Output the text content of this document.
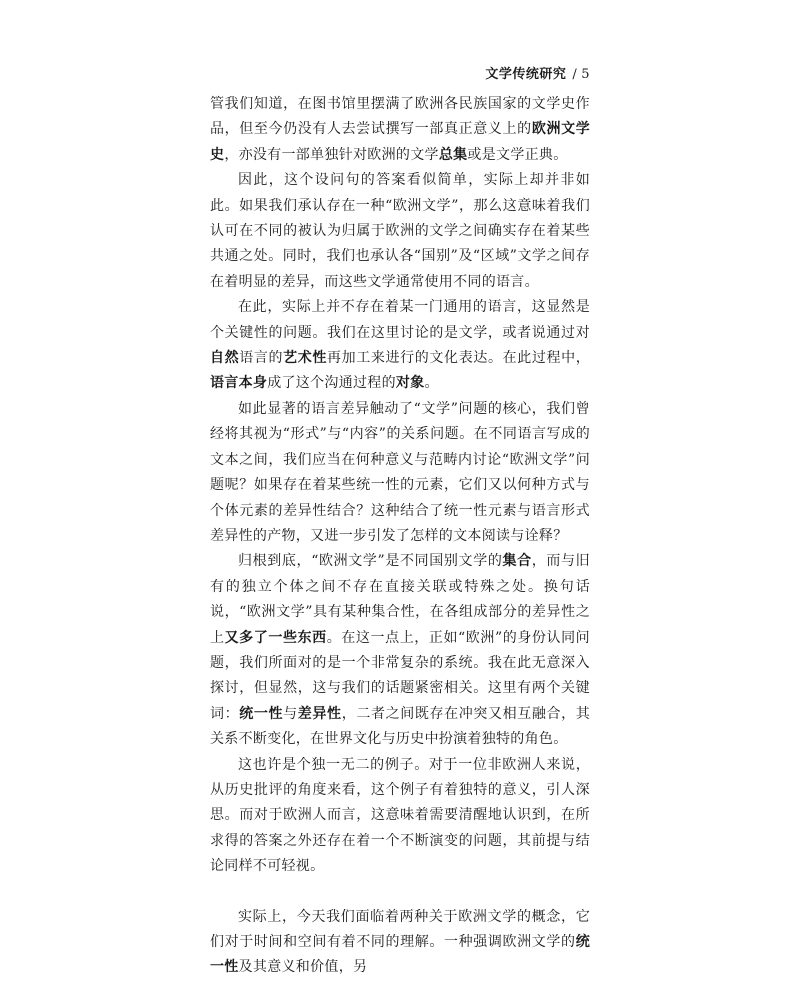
文学传统研究 / 5

管我们知道，在图书馆里摆满了欧洲各民族国家的文学史作品，但至今仍没有人去尝试撰写一部真正意义上的欧洲文学史，亦没有一部单独针对欧洲的文学总集或是文学正典。

因此，这个设问句的答案看似简单，实际上却并非如此。如果我们承认存在一种“欧洲文学”，那么这意味着我们认可在不同的被认为归属于欧洲的文学之间确实存在着某些共通之处。同时，我们也承认各“国别”及“区域”文学之间存在着明显的差异，而这些文学通常使用不同的语言。

在此，实际上并不存在着某一门通用的语言，这显然是个关键性的问题。我们在这里讨论的是文学，或者说通过对自然语言的艺术性再加工来进行的文化表达。在此过程中，语言本身成了这个沟通过程的对象。

如此显著的语言差异触动了“文学”问题的核心，我们曾经将其视为“形式”与“内容”的关系问题。在不同语言写成的文本之间，我们应当在何种意义与范畴内讨论“欧洲文学”问题呢？如果存在着某些统一性的元素，它们又以何种方式与个体元素的差异性结合？这种结合了统一性元素与语言形式差异性的产物，又进一步引发了怎样的文本阅读与诠释？

归根到底，“欧洲文学”是不同国别文学的集合，而与旧有的独立个体之间不存在直接关联或特殊之处。换句话说，“欧洲文学”具有某种集合性，在各组成部分的差异性之上又多了一些东西。在这一点上，正如“欧洲”的身份认同问题，我们所面对的是一个非常复杂的系统。我在此无意深入探讨，但显然，这与我们的话题紧密相关。这里有两个关键词：统一性与差异性，二者之间既存在冲突又相互融合，其关系不断变化，在世界文化与历史中扮演着独特的角色。

这也许是个独一无二的例子。对于一位非欧洲人来说，从历史批评的角度来看，这个例子有着独特的意义，引人深思。而对于欧洲人而言，这意味着需要清醒地认识到，在所求得的答案之外还存在着一个不断演变的问题，其前提与结论同样不可轻视。

实际上，今天我们面临着两种关于欧洲文学的概念，它们对于时间和空间有着不同的理解。一种强调欧洲文学的统一性及其意义和价值，另
